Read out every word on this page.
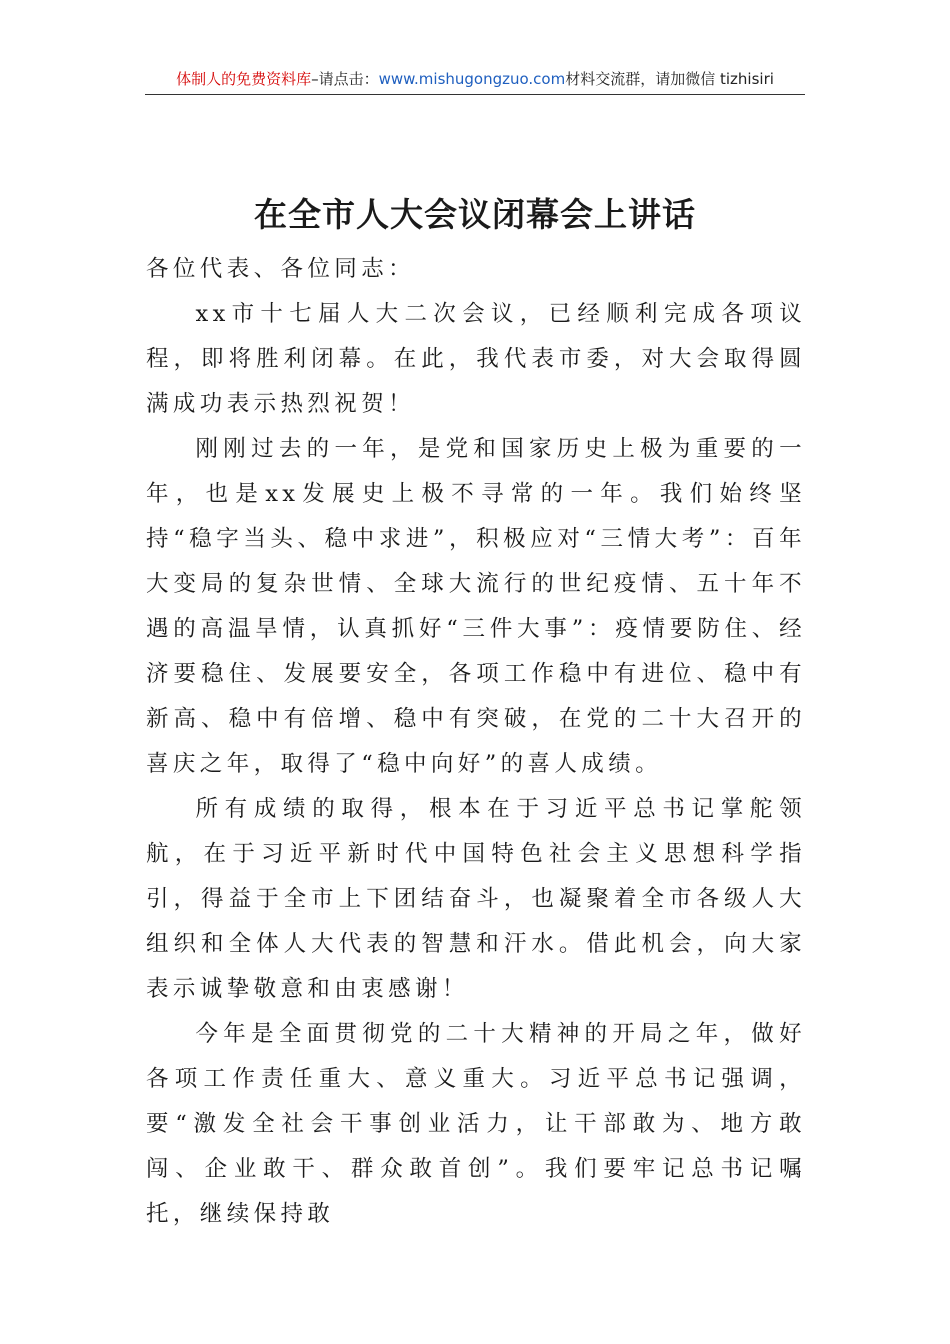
体制人的免费资料库–请点击：www.mishugongzuo.com材料交流群，请加微信 tizhisiri
在全市人大会议闭幕会上讲话

各位代表、各位同志：

xx市十七届人大二次会议，已经顺利完成各项议程，即将胜利闭幕。在此，我代表市委，对大会取得圆满成功表示热烈祝贺！

刚刚过去的一年，是党和国家历史上极为重要的一年，也是xx发展史上极不寻常的一年。我们始终坚持“稳字当头、稳中求进”，积极应对“三情大考”：百年大变局的复杂世情、全球大流行的世纪疫情、五十年不遇的高温旱情，认真抓好“三件大事”：疫情要防住、经济要稳住、发展要安全，各项工作稳中有进位、稳中有新高、稳中有倍增、稳中有突破，在党的二十大召开的喜庆之年，取得了“稳中向好”的喜人成绩。

所有成绩的取得，根本在于习近平总书记掌舵领航，在于习近平新时代中国特色社会主义思想科学指引，得益于全市上下团结奋斗，也凝聚着全市各级人大组织和全体人大代表的智慧和汗水。借此机会，向大家表示诚挚敬意和由衷感谢！

今年是全面贯彻党的二十大精神的开局之年，做好各项工作责任重大、意义重大。习近平总书记强调，要“激发全社会干事创业活力，让干部敢为、地方敢闯、企业敢干、群众敢首创”。我们要牢记总书记嘱托，继续保持敢
